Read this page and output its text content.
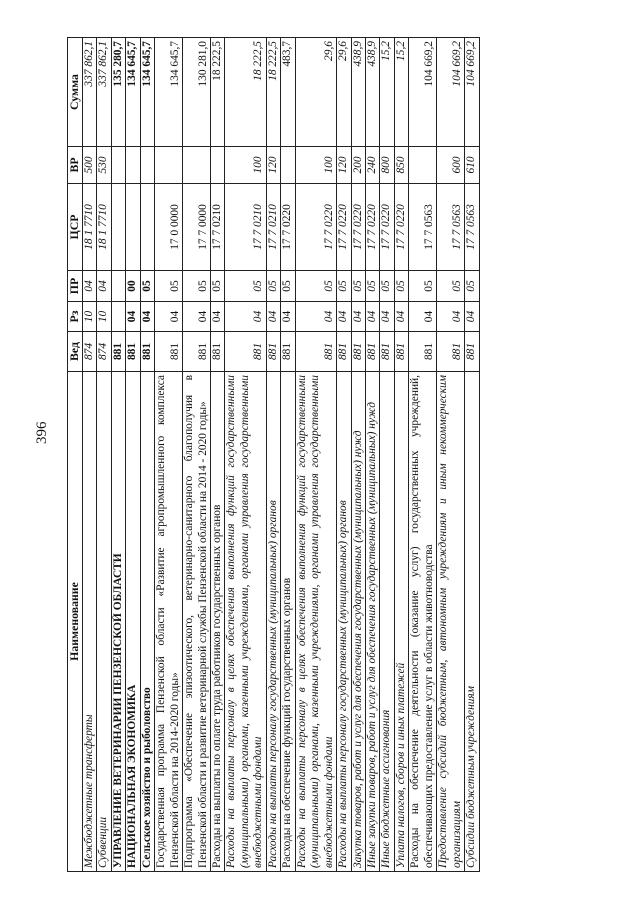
396
Наименование	Вед	Рз	ПР	ЦСР	ВР	Сумма
Межбюджетные трансферты	874	10	04	18 1 7710	500	337 862,1
Субвенции	874	10	04	18 1 7710	530	337 862,1
УПРАВЛЕНИЕ ВЕТЕРИНАРИИ ПЕНЗЕНСКОЙ ОБЛАСТИ	881					135 280,7
НАЦИОНАЛЬНАЯ ЭКОНОМИКА	881	04	00			134 645,7
Сельское хозяйство и рыболовство	881	04	05			134 645,7
Государственная программа Пензенской области «Развитие агропромышленного комплекса Пензенской области на 2014-2020 годы»	881	04	05	17 0 0000		134 645,7
Подпрограмма «Обеспечение эпизоотического, ветеринарно-санитарного благополучия в Пензенской области и развитие ветеринарной службы Пензенской области на 2014 - 2020 годы»	881	04	05	17 7 0000		130 281,0
Расходы на выплаты по оплате труда работников государственных органов	881	04	05	17 7 0210		18 222,5
Расходы на выплаты персоналу в целях обеспечения выполнения функций государственными (муниципальными) органами, казенными учреждениями, органами управления государственными внебюджетными фондами	881	04	05	17 7 0210	100	18 222,5
Расходы на выплаты персоналу государственных (муниципальных) органов	881	04	05	17 7 0210	120	18 222,5
Расходы на обеспечение функций государственных органов	881	04	05	17 7 0220		483,7
Расходы на выплаты персоналу в целях обеспечения выполнения функций государственными (муниципальными) органами, казенными учреждениями, органами управления государственными внебюджетными фондами	881	04	05	17 7 0220	100	29,6
Расходы на выплаты персоналу государственных (муниципальных) органов	881	04	05	17 7 0220	120	29,6
Закупка товаров, работ и услуг для обеспечения государственных (муниципальных) нужд	881	04	05	17 7 0220	200	438,9
Иные закупки товаров, работ и услуг для обеспечения государственных (муниципальных) нужд	881	04	05	17 7 0220	240	438,9
Иные бюджетные ассигнования	881	04	05	17 7 0220	800	15,2
Уплата налогов, сборов и иных платежей	881	04	05	17 7 0220	850	15,2
Расходы на обеспечение деятельности (оказание услуг) государственных учреждений, обеспечивающих предоставление услуг в области животноводства	881	04	05	17 7 0563		104 669,2
Предоставление субсидий бюджетным, автономным учреждениям и иным некоммерческим организациям	881	04	05	17 7 0563	600	104 669,2
Субсидии бюджетным учреждениям	881	04	05	17 7 0563	610	104 669,2
